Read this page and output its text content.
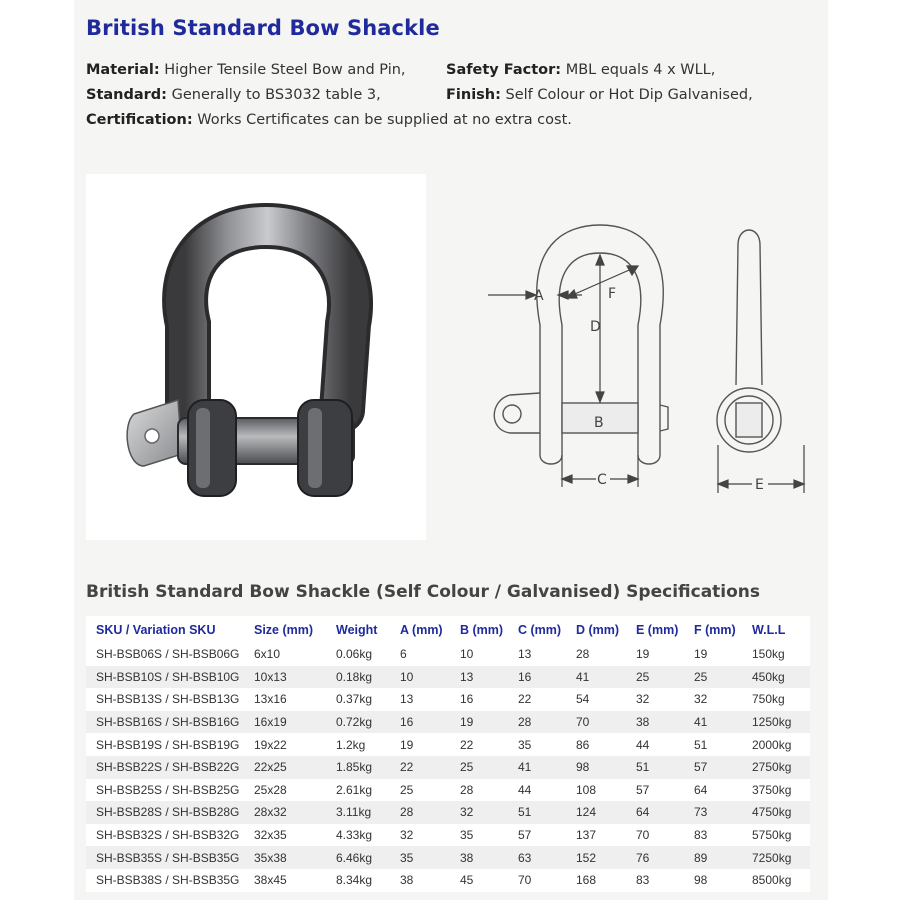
British Standard Bow Shackle
Material: Higher Tensile Steel Bow and Pin,
Standard: Generally to BS3032 table 3,
Certification: Works Certificates can be supplied at no extra cost.
Safety Factor: MBL equals 4 x WLL,
Finish: Self Colour or Hot Dip Galvanised,
A	F
D
B
C	E
British Standard Bow Shackle (Self Colour / Galvanised) Specifications
SKU / Variation SKU	Size (mm)	Weight	A (mm)	B (mm)	C (mm)	D (mm)	E (mm)	F (mm)	W.L.L
SH-BSB06S / SH-BSB06G	6x10	0.06kg	6	10	13	28	19	19	150kg
SH-BSB10S / SH-BSB10G	10x13	0.18kg	10	13	16	41	25	25	450kg
SH-BSB13S / SH-BSB13G	13x16	0.37kg	13	16	22	54	32	32	750kg
SH-BSB16S / SH-BSB16G	16x19	0.72kg	16	19	28	70	38	41	1250kg
SH-BSB19S / SH-BSB19G	19x22	1.2kg	19	22	35	86	44	51	2000kg
SH-BSB22S / SH-BSB22G	22x25	1.85kg	22	25	41	98	51	57	2750kg
SH-BSB25S / SH-BSB25G	25x28	2.61kg	25	28	44	108	57	64	3750kg
SH-BSB28S / SH-BSB28G	28x32	3.11kg	28	32	51	124	64	73	4750kg
SH-BSB32S / SH-BSB32G	32x35	4.33kg	32	35	57	137	70	83	5750kg
SH-BSB35S / SH-BSB35G	35x38	6.46kg	35	38	63	152	76	89	7250kg
SH-BSB38S / SH-BSB35G	38x45	8.34kg	38	45	70	168	83	98	8500kg
